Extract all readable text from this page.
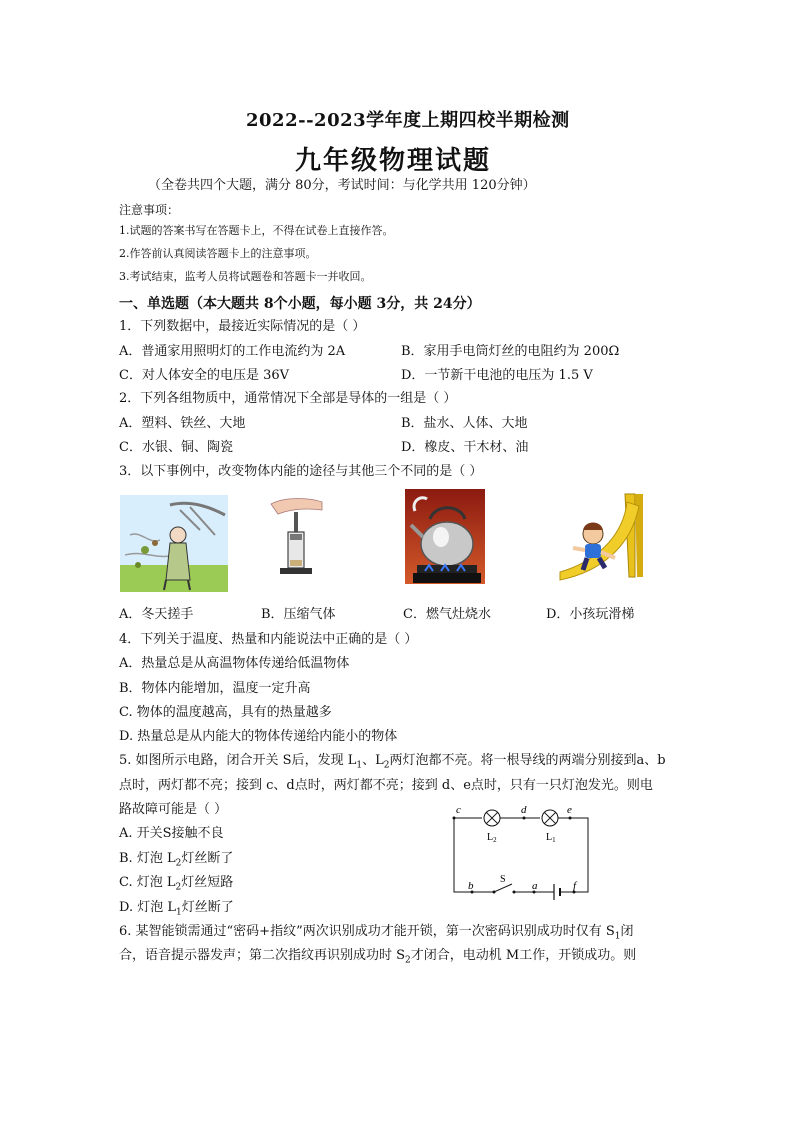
2022--2023学年度上期四校半期检测
九年级物理试题
（全卷共四个大题，满分 80分，考试时间：与化学共用 120分钟）
注意事项：
1.试题的答案书写在答题卡上，不得在试卷上直接作答。
2.作答前认真阅读答题卡上的注意事项。
3.考试结束，监考人员将试题卷和答题卡一并收回。
一、单选题（本大题共 8个小题，每小题 3分，共 24分）
1．下列数据中，最接近实际情况的是（ ）
A．普通家用照明灯的工作电流约为 2A	B．家用手电筒灯丝的电阻约为 200Ω
C．对人体安全的电压是 36V	D．一节新干电池的电压为 1.5 V
2．下列各组物质中，通常情况下全部是导体的一组是（ ）
A．塑料、铁丝、大地	B．盐水、人体、大地
C．水银、铜、陶瓷	D．橡皮、干木材、油
3．以下事例中，改变物体内能的途径与其他三个不同的是（ ）
A．冬天搓手	B．压缩气体	C．燃气灶烧水	D．小孩玩滑梯
4．下列关于温度、热量和内能说法中正确的是（ ）
A．热量总是从高温物体传递给低温物体
B．物体内能增加，温度一定升高
C. 物体的温度越高，具有的热量越多
D. 热量总是从内能大的物体传递给内能小的物体
5. 如图所示电路，闭合开关 S后，发现 $L_1$、$L_2$两灯泡都不亮。将一根导线的两端分别接到a、b
点时，两灯都不亮；接到 c、d点时，两灯都不亮；接到 d、e点时，只有一只灯泡发光。则电
路故障可能是（ ）
A. 开关S接触不良
B. 灯泡 $L_2$灯丝断了
C. 灯泡 $L_2$灯丝短路
D. 灯泡 $L_1$灯丝断了
c	d	e
$L_2$	$L_1$
b
S
a	f
6. 某智能锁需通过“密码+指纹”两次识别成功才能开锁，第一次密码识别成功时仅有 $S_1$闭
合，语音提示器发声；第二次指纹再识别成功时 $S_2$才闭合，电动机 M工作，开锁成功。则
